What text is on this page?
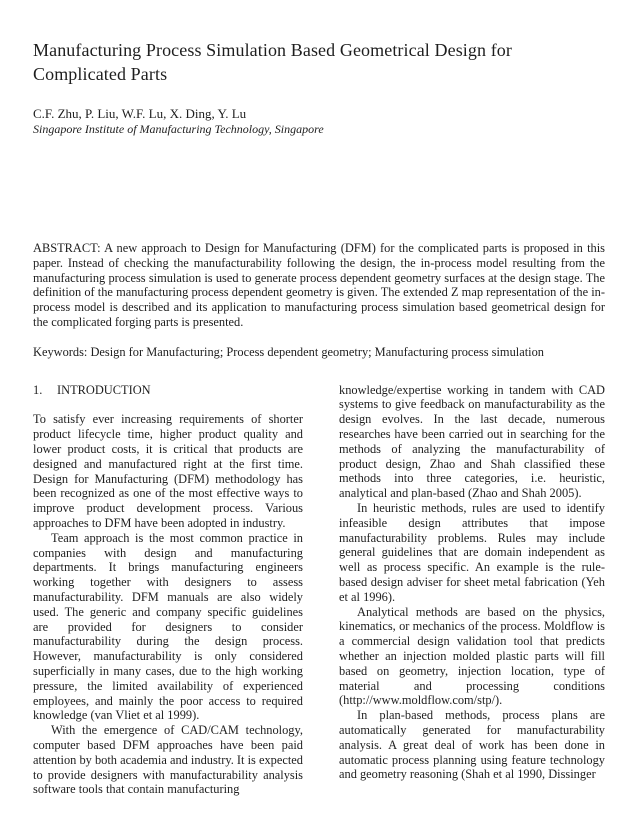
Manufacturing Process Simulation Based Geometrical Design for Complicated Parts
C.F. Zhu, P. Liu, W.F. Lu, X. Ding, Y. Lu
Singapore Institute of Manufacturing Technology, Singapore

ABSTRACT: A new approach to Design for Manufacturing (DFM) for the complicated parts is proposed in this paper. Instead of checking the manufacturability following the design, the in-process model resulting from the manufacturing process simulation is used to generate process dependent geometry surfaces at the design stage. The definition of the manufacturing process dependent geometry is given. The extended Z map representation of the in-process model is described and its application to manufacturing process simulation based geometrical design for the complicated forging parts is presented.

Keywords: Design for Manufacturing; Process dependent geometry; Manufacturing process simulation

1. INTRODUCTION

To satisfy ever increasing requirements of shorter product lifecycle time, higher product quality and lower product costs, it is critical that products are designed and manufactured right at the first time. Design for Manufacturing (DFM) methodology has been recognized as one of the most effective ways to improve product development process. Various approaches to DFM have been adopted in industry.

Team approach is the most common practice in companies with design and manufacturing departments. It brings manufacturing engineers working together with designers to assess manufacturability. DFM manuals are also widely used. The generic and company specific guidelines are provided for designers to consider manufacturability during the design process. However, manufacturability is only considered superficially in many cases, due to the high working pressure, the limited availability of experienced employees, and mainly the poor access to required knowledge (van Vliet et al 1999).

With the emergence of CAD/CAM technology, computer based DFM approaches have been paid attention by both academia and industry. It is expected to provide designers with manufacturability analysis software tools that contain manufacturing

knowledge/expertise working in tandem with CAD systems to give feedback on manufacturability as the design evolves. In the last decade, numerous researches have been carried out in searching for the methods of analyzing the manufacturability of product design, Zhao and Shah classified these methods into three categories, i.e. heuristic, analytical and plan-based (Zhao and Shah 2005).

In heuristic methods, rules are used to identify infeasible design attributes that impose manufacturability problems. Rules may include general guidelines that are domain independent as well as process specific. An example is the rule-based design adviser for sheet metal fabrication (Yeh et al 1996).

Analytical methods are based on the physics, kinematics, or mechanics of the process. Moldflow is a commercial design validation tool that predicts whether an injection molded plastic parts will fill based on geometry, injection location, type of material and processing conditions (http://www.moldflow.com/stp/).

In plan-based methods, process plans are automatically generated for manufacturability analysis. A great deal of work has been done in automatic process planning using feature technology and geometry reasoning (Shah et al 1990, Dissinger
